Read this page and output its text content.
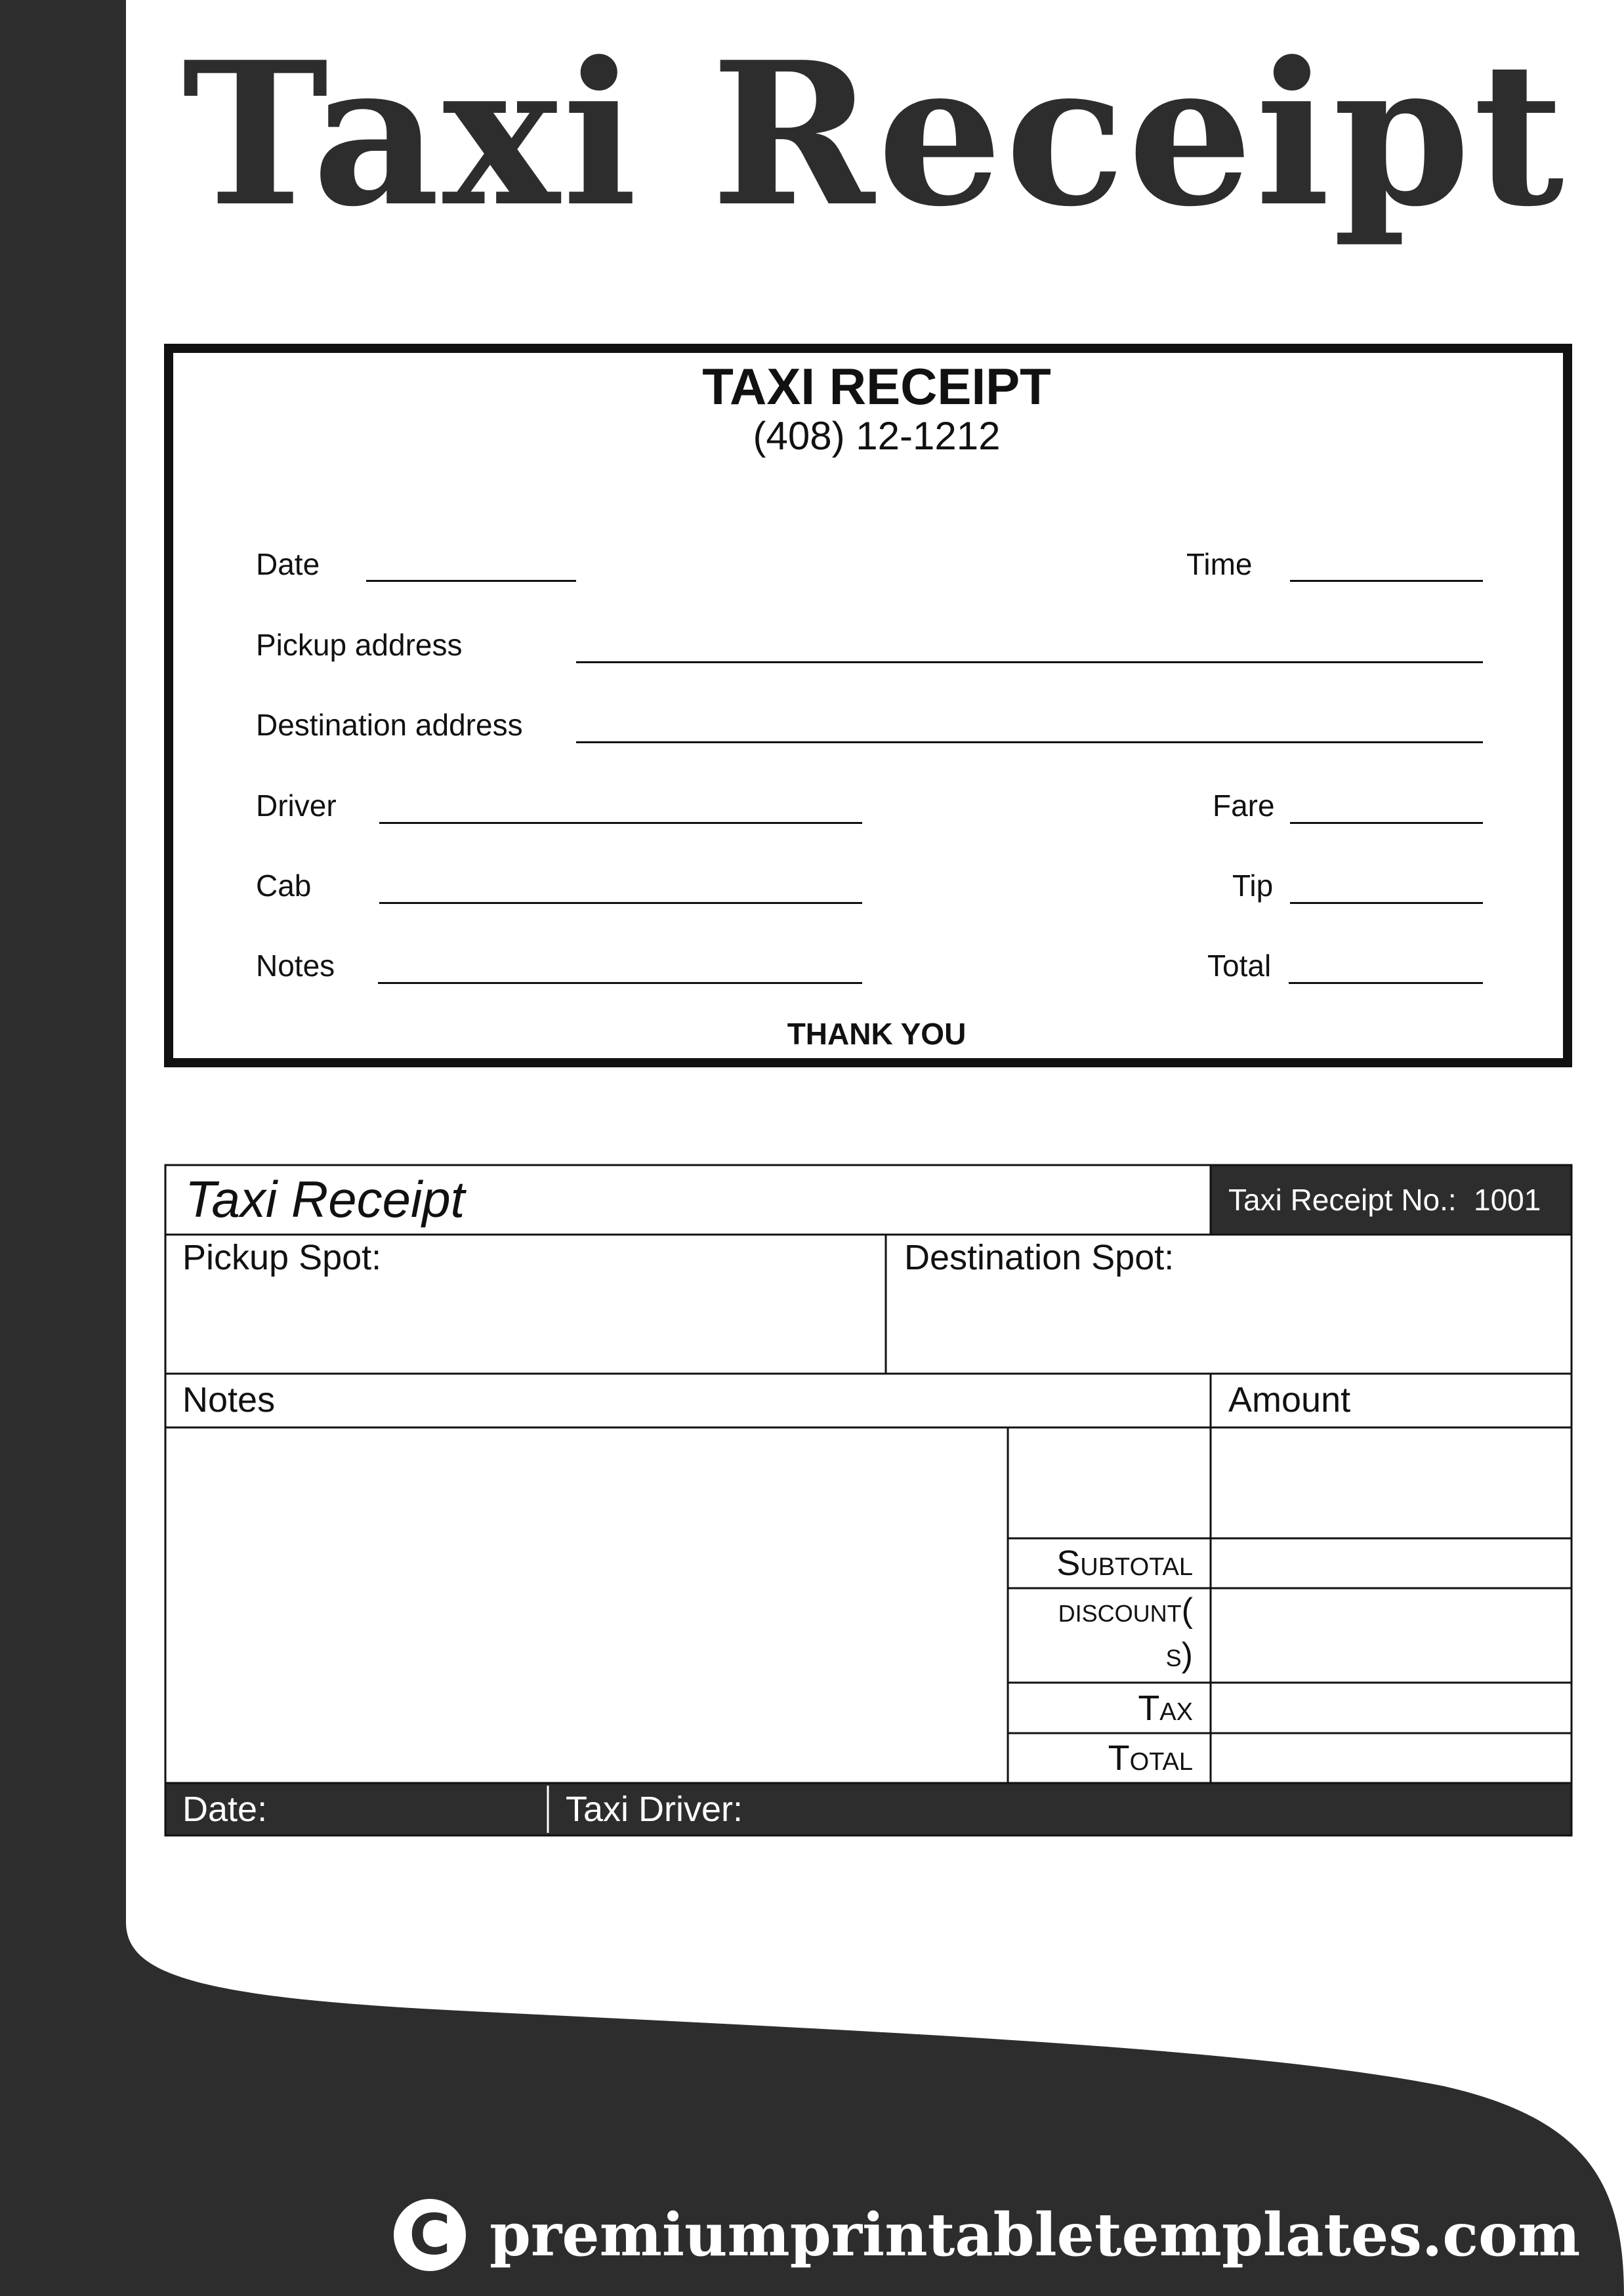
Taxi Receipt
TAXI RECEIPT
(408) 12-1212
Date	Time
Pickup address
Destination address
Driver	Fare
Cab	Tip
Notes	Total
THANK YOU
Taxi Receipt	Taxi Receipt No.: 1001
Pickup Spot:	Destination Spot:
Notes	Amount
Subtotal
discount(
s)
Tax
Total
Date:	Taxi Driver:
C premiumprintabletemplates.com
